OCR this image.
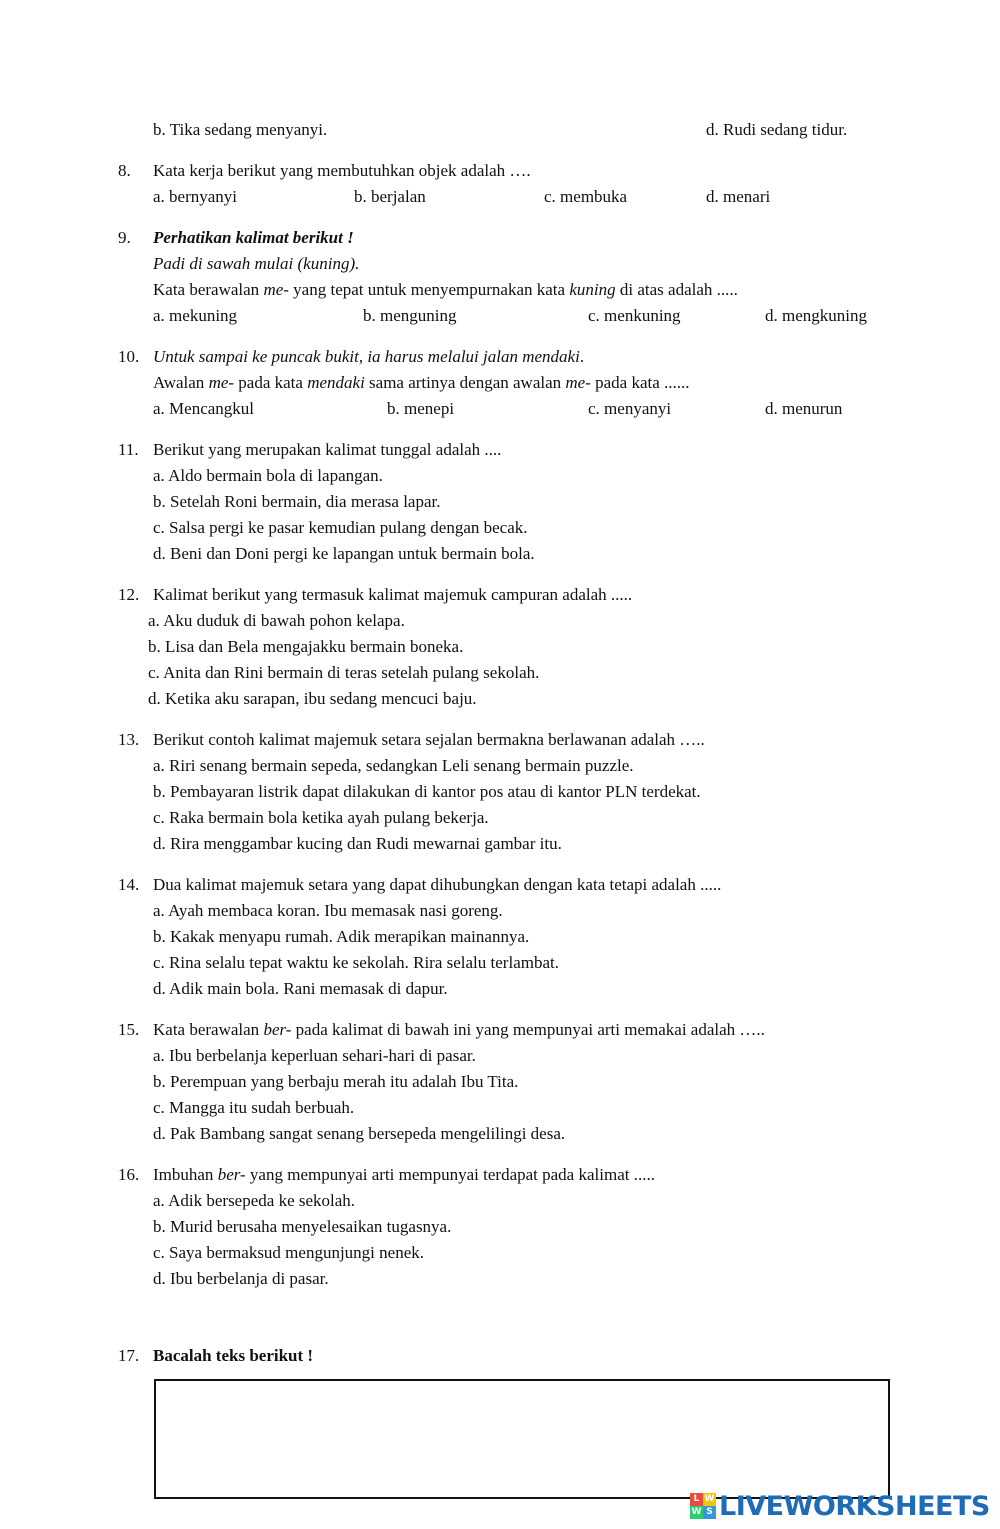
b. Tika sedang menyanyi.	d. Rudi sedang tidur.
8. Kata kerja berikut yang membutuhkan objek adalah ….
a. bernyanyi	b. berjalan	c. membuka	d. menari
9. Perhatikan kalimat berikut !
Padi di sawah mulai (kuning).
Kata berawalan me- yang tepat untuk menyempurnakan kata kuning di atas adalah .....
a. mekuning	b. menguning	c. menkuning	d. mengkuning
10. Untuk sampai ke puncak bukit, ia harus melalui jalan mendaki.
Awalan me- pada kata mendaki sama artinya dengan awalan me- pada kata ......
a. Mencangkul	b. menepi	c. menyanyi	d. menurun
11. Berikut yang merupakan kalimat tunggal adalah ....
a. Aldo bermain bola di lapangan.
b. Setelah Roni bermain, dia merasa lapar.
c. Salsa pergi ke pasar kemudian pulang dengan becak.
d. Beni dan Doni pergi ke lapangan untuk bermain bola.
12. Kalimat berikut yang termasuk kalimat majemuk campuran adalah .....
a. Aku duduk di bawah pohon kelapa.
b. Lisa dan Bela mengajakku bermain boneka.
c. Anita dan Rini bermain di teras setelah pulang sekolah.
d. Ketika aku sarapan, ibu sedang mencuci baju.
13. Berikut contoh kalimat majemuk setara sejalan bermakna berlawanan adalah …..
a. Riri senang bermain sepeda, sedangkan Leli senang bermain puzzle.
b. Pembayaran listrik dapat dilakukan di kantor pos atau di kantor PLN terdekat.
c. Raka bermain bola ketika ayah pulang bekerja.
d. Rira menggambar kucing dan Rudi mewarnai gambar itu.
14. Dua kalimat majemuk setara yang dapat dihubungkan dengan kata tetapi adalah .....
a. Ayah membaca koran. Ibu memasak nasi goreng.
b. Kakak menyapu rumah. Adik merapikan mainannya.
c. Rina selalu tepat waktu ke sekolah. Rira selalu terlambat.
d. Adik main bola. Rani memasak di dapur.
15. Kata berawalan ber- pada kalimat di bawah ini yang mempunyai arti memakai adalah …..
a. Ibu berbelanja keperluan sehari-hari di pasar.
b. Perempuan yang berbaju merah itu adalah Ibu Tita.
c. Mangga itu sudah berbuah.
d. Pak Bambang sangat senang bersepeda mengelilingi desa.
16. Imbuhan ber- yang mempunyai arti mempunyai terdapat pada kalimat .....
a. Adik bersepeda ke sekolah.
b. Murid berusaha menyelesaikan tugasnya.
c. Saya bermaksud mengunjungi nenek.
d. Ibu berbelanja di pasar.
17. Bacalah teks berikut !
L W
W S LIVEWORKSHEETS
